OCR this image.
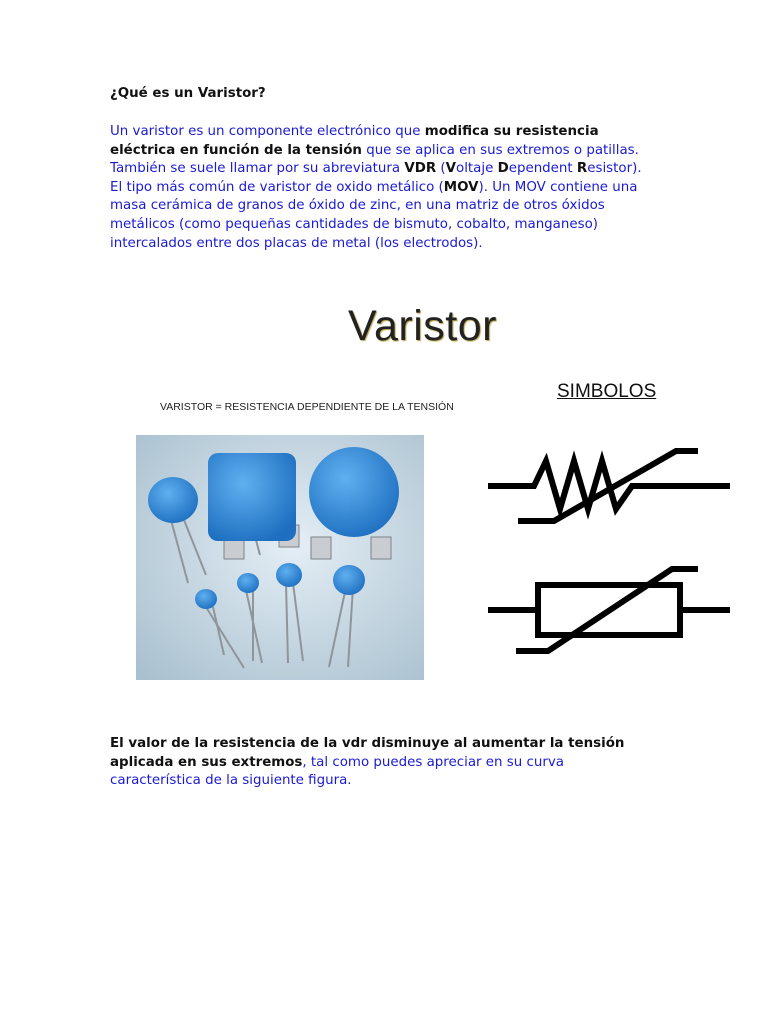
¿Qué es un Varistor?
Un varistor es un componente electrónico que modifica su resistencia eléctrica en función de la tensión que se aplica en sus extremos o patillas. También se suele llamar por su abreviatura VDR (Voltaje Dependent Resistor). El tipo más común de varistor de oxido metálico (MOV). Un MOV contiene una masa cerámica de granos de óxido de zinc, en una matriz de otros óxidos metálicos (como pequeñas cantidades de bismuto, cobalto, manganeso) intercalados entre dos placas de metal (los electrodos).
Varistor
VARISTOR = RESISTENCIA DEPENDIENTE DE LA TENSIÓN
SIMBOLOS
El valor de la resistencia de la vdr disminuye al aumentar la tensión aplicada en sus extremos, tal como puedes apreciar en su curva característica de la siguiente figura.
